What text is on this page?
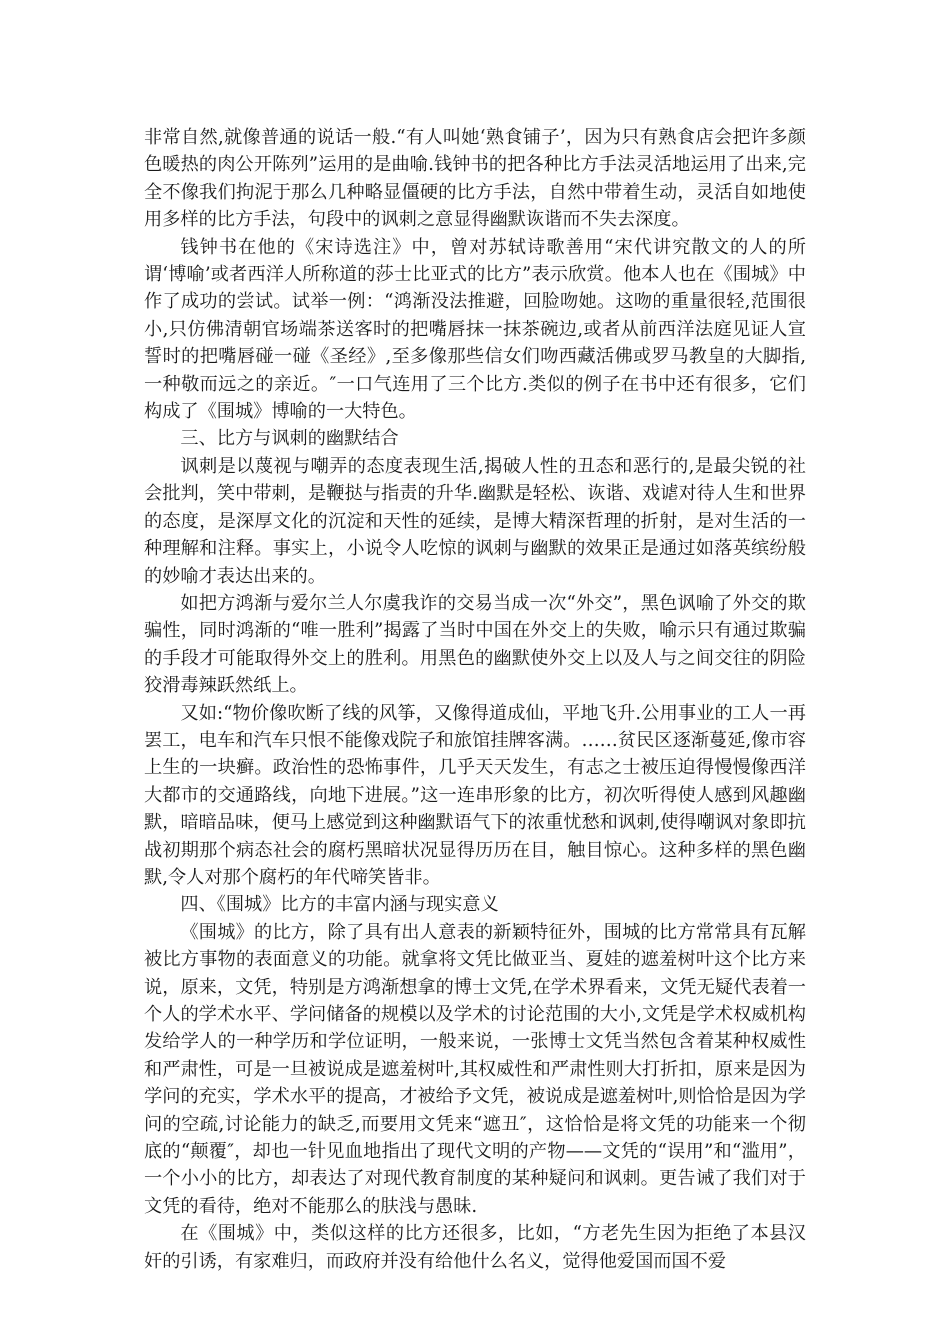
非常自然,就像普通的说话一般.“有人叫她‘熟食铺子’，因为只有熟食店会把许多颜色暖热的肉公开陈列”运用的是曲喻.钱钟书的把各种比方手法灵活地运用了出来,完全不像我们拘泥于那么几种略显僵硬的比方手法，自然中带着生动，灵活自如地使用多样的比方手法，句段中的讽刺之意显得幽默诙谐而不失去深度。

钱钟书在他的《宋诗选注》中，曾对苏轼诗歌善用“宋代讲究散文的人的所谓‘博喻’或者西洋人所称道的莎士比亚式的比方”表示欣赏。他本人也在《围城》中作了成功的尝试。试举一例：“鸿渐没法推避，回脸吻她。这吻的重量很轻,范围很小,只仿佛清朝官场端茶送客时的把嘴唇抹一抹茶碗边,或者从前西洋法庭见证人宣誓时的把嘴唇碰一碰《圣经》,至多像那些信女们吻西藏活佛或罗马教皇的大脚指,一种敬而远之的亲近。″一口气连用了三个比方.类似的例子在书中还有很多，它们构成了《围城》博喻的一大特色。

三、比方与讽刺的幽默结合

讽刺是以蔑视与嘲弄的态度表现生活,揭破人性的丑态和恶行的,是最尖锐的社会批判，笑中带刺，是鞭挞与指责的升华.幽默是轻松、诙谐、戏谑对待人生和世界的态度，是深厚文化的沉淀和天性的延续，是博大精深哲理的折射，是对生活的一种理解和注释。事实上，小说令人吃惊的讽刺与幽默的效果正是通过如落英缤纷般的妙喻才表达出来的。

如把方鸿渐与爱尔兰人尔虞我诈的交易当成一次“外交”，黑色讽喻了外交的欺骗性，同时鸿渐的“唯一胜利”揭露了当时中国在外交上的失败，喻示只有通过欺骗的手段才可能取得外交上的胜利。用黑色的幽默使外交上以及人与之间交往的阴险狡滑毒辣跃然纸上。

又如:“物价像吹断了线的风筝，又像得道成仙，平地飞升.公用事业的工人一再罢工，电车和汽车只恨不能像戏院子和旅馆挂牌客满。……贫民区逐渐蔓延,像市容上生的一块癣。政治性的恐怖事件，几乎天天发生，有志之士被压迫得慢慢像西洋大都市的交通路线，向地下进展。”这一连串形象的比方，初次听得使人感到风趣幽默，暗暗品味，便马上感觉到这种幽默语气下的浓重忧愁和讽刺,使得嘲讽对象即抗战初期那个病态社会的腐朽黑暗状况显得历历在目，触目惊心。这种多样的黑色幽默,令人对那个腐朽的年代啼笑皆非。

四、《围城》比方的丰富内涵与现实意义

《围城》的比方，除了具有出人意表的新颖特征外，围城的比方常常具有瓦解被比方事物的表面意义的功能。就拿将文凭比做亚当、夏娃的遮羞树叶这个比方来说，原来，文凭，特别是方鸿渐想拿的博士文凭,在学术界看来，文凭无疑代表着一个人的学术水平、学问储备的规模以及学术的讨论范围的大小,文凭是学术权威机构发给学人的一种学历和学位证明，一般来说，一张博士文凭当然包含着某种权威性和严肃性，可是一旦被说成是遮羞树叶,其权威性和严肃性则大打折扣，原来是因为学问的充实，学术水平的提高，才被给予文凭，被说成是遮羞树叶,则恰恰是因为学问的空疏,讨论能力的缺乏,而要用文凭来“遮丑″，这恰恰是将文凭的功能来一个彻底的“颠覆″，却也一针见血地指出了现代文明的产物——文凭的“误用”和“滥用”，一个小小的比方，却表达了对现代教育制度的某种疑问和讽刺。更告诫了我们对于文凭的看待，绝对不能那么的肤浅与愚昧.

在《围城》中，类似这样的比方还很多，比如，“方老先生因为拒绝了本县汉奸的引诱，有家难归，而政府并没有给他什么名义，觉得他爱国而国不爱
